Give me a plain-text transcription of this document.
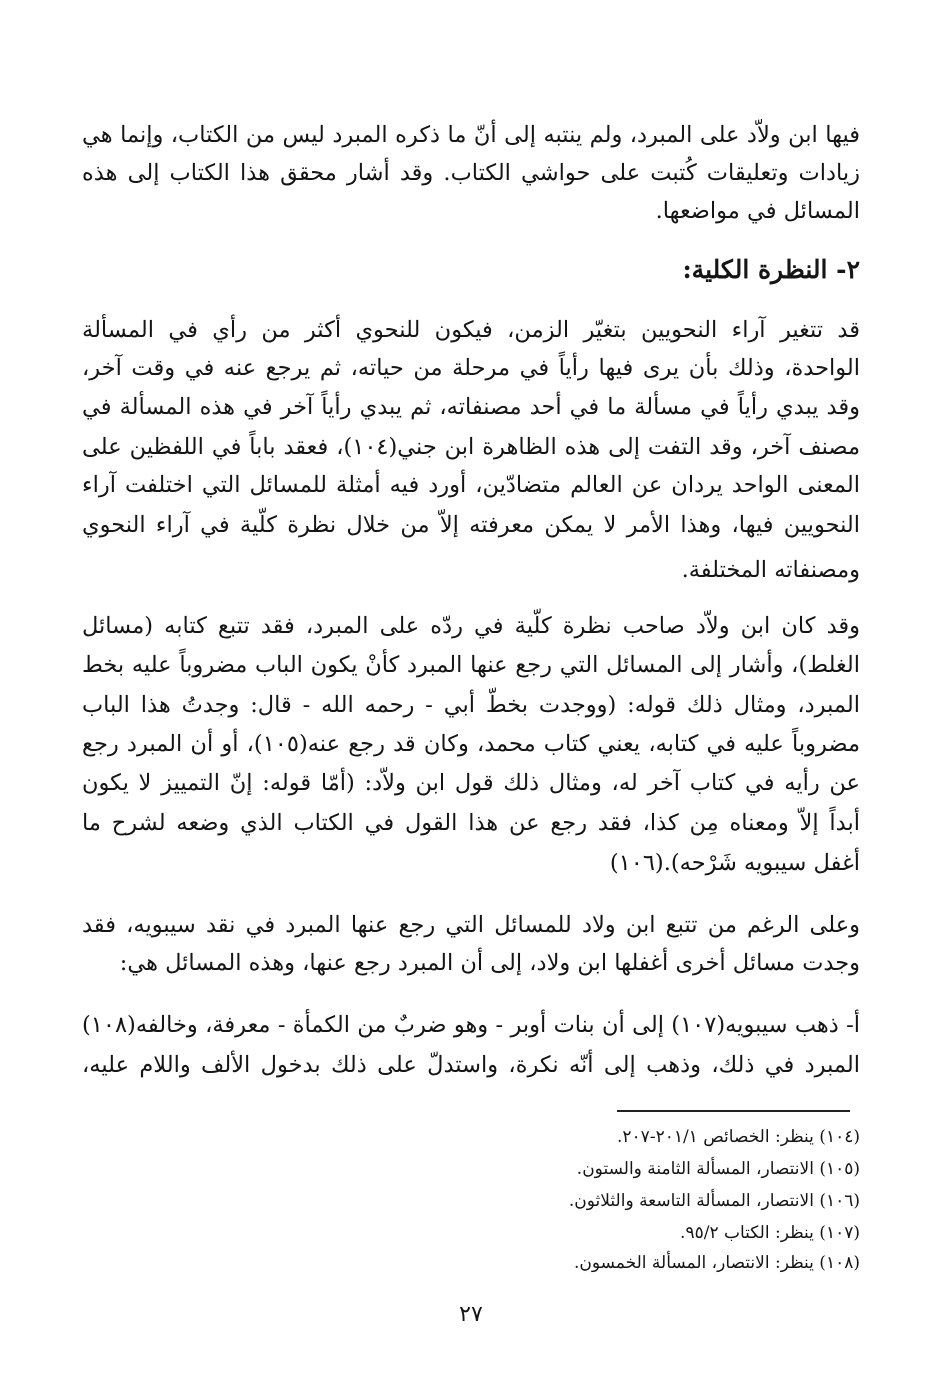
فيها ابن ولاّد على المبرد، ولم ينتبه إلى أنّ ما ذكره المبرد ليس من الكتاب، وإنما هي
زيادات وتعليقات كُتبت على حواشي الكتاب. وقد أشار محقق هذا الكتاب إلى هذه
المسائل في مواضعها.
٢- النظرة الكلية:
قد تتغير آراء النحويين بتغيّر الزمن، فيكون للنحوي أكثر من رأي في المسألة
الواحدة، وذلك بأن يرى فيها رأياً في مرحلة من حياته، ثم يرجع عنه في وقت آخر،
وقد يبدي رأياً في مسألة ما في أحد مصنفاته، ثم يبدي رأياً آخر في هذه المسألة في
مصنف آخر، وقد التفت إلى هذه الظاهرة ابن جني(١٠٤)، فعقد باباً في اللفظين على
المعنى الواحد يردان عن العالم متضادّين، أورد فيه أمثلة للمسائل التي اختلفت آراء
النحويين فيها، وهذا الأمر لا يمكن معرفته إلاّ من خلال نظرة كلّية في آراء النحوي
ومصنفاته المختلفة.
وقد كان ابن ولاّد صاحب نظرة كلّية في ردّه على المبرد، فقد تتبع كتابه (مسائل
الغلط)، وأشار إلى المسائل التي رجع عنها المبرد كأنْ يكون الباب مضروباً عليه بخط
المبرد، ومثال ذلك قوله: (ووجدت بخطّ أبي - رحمه الله - قال: وجدتُ هذا الباب
مضروباً عليه في كتابه، يعني كتاب محمد، وكان قد رجع عنه(١٠٥)، أو أن المبرد رجع
عن رأيه في كتاب آخر له، ومثال ذلك قول ابن ولاّد: (أمّا قوله: إنّ التمييز لا يكون
أبداً إلاّ ومعناه مِن كذا، فقد رجع عن هذا القول في الكتاب الذي وضعه لشرح ما
أغفل سيبويه شَرْحه).(١٠٦)
وعلى الرغم من تتبع ابن ولاد للمسائل التي رجع عنها المبرد في نقد سيبويه، فقد
وجدت مسائل أخرى أغفلها ابن ولاد، إلى أن المبرد رجع عنها، وهذه المسائل هي:
أ- ذهب سيبويه(١٠٧) إلى أن بنات أوبر - وهو ضربٌ من الكمأة - معرفة، وخالفه(١٠٨)
المبرد في ذلك، وذهب إلى أنّه نكرة، واستدلّ على ذلك بدخول الألف واللام عليه،
(١٠٤) ينظر: الخصائص ٢٠١/١-٢٠٧.
(١٠٥) الانتصار، المسألة الثامنة والستون.
(١٠٦) الانتصار، المسألة التاسعة والثلاثون.
(١٠٧) ينظر: الكتاب ٩٥/٢.
(١٠٨) ينظر: الانتصار، المسألة الخمسون.
٢٧
